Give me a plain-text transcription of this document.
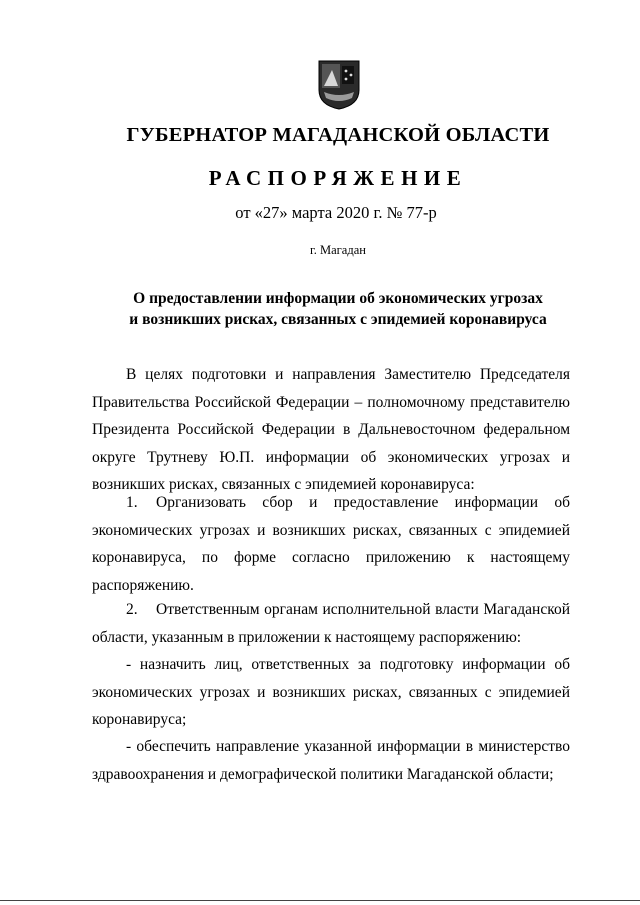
ГУБЕРНАТОР МАГАДАНСКОЙ ОБЛАСТИ
РАСПОРЯЖЕНИЕ
от «27» марта 2020 г. № 77-р
г. Магадан
О предоставлении информации об экономических угрозах
и возникших рисках, связанных с эпидемией коронавируса

В целях подготовки и направления Заместителю Председателя Правительства Российской Федерации – полномочному представителю Президента Российской Федерации в Дальневосточном федеральном округе Трутневу Ю.П. информации об экономических угрозах и возникших рисках, связанных с эпидемией коронавируса:

1. Организовать сбор и предоставление информации об экономических угрозах и возникших рисках, связанных с эпидемией коронавируса, по форме согласно приложению к настоящему распоряжению.

2. Ответственным органам исполнительной власти Магаданской области, указанным в приложении к настоящему распоряжению:

- назначить лиц, ответственных за подготовку информации об экономических угрозах и возникших рисках, связанных с эпидемией коронавируса;

- обеспечить направление указанной информации в министерство здравоохранения и демографической политики Магаданской области;
